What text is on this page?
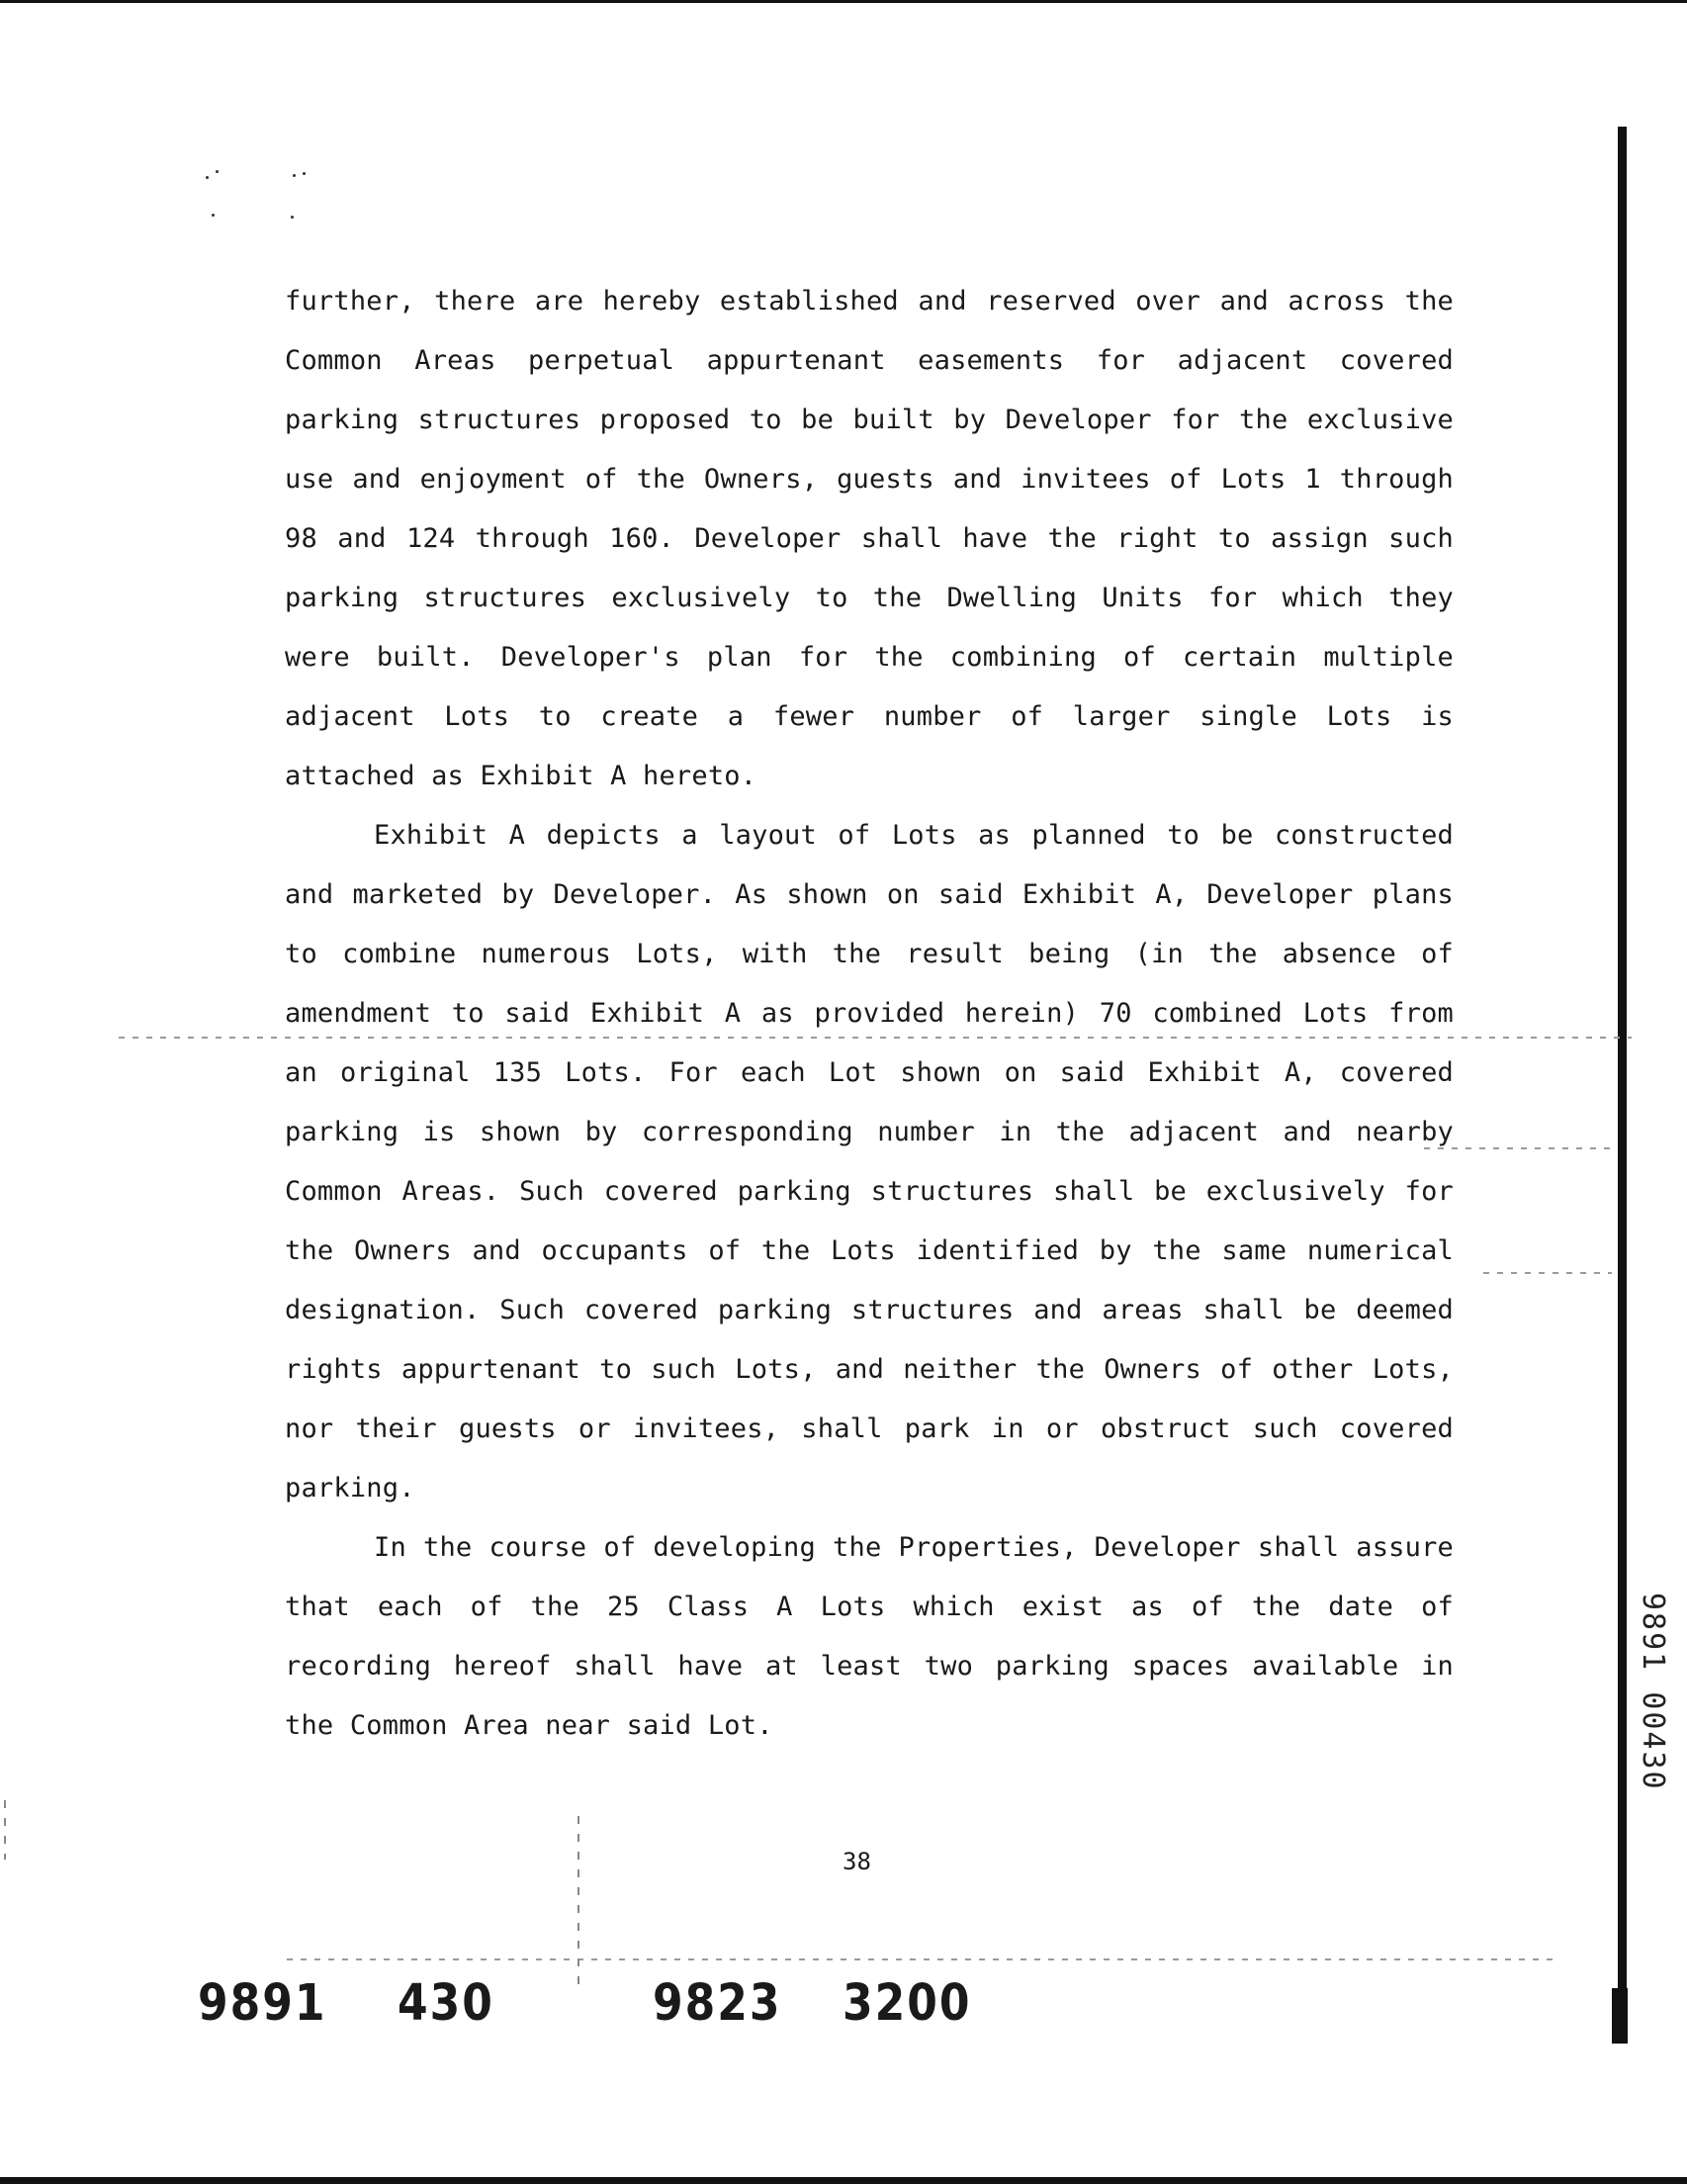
further, there are hereby established and reserved over and across the Common Areas perpetual appurtenant easements for adjacent covered parking structures proposed to be built by Developer for the exclusive use and enjoyment of the Owners, guests and invitees of Lots 1 through 98 and 124 through 160. Developer shall have the right to assign such parking structures exclusively to the Dwelling Units for which they were built. Developer's plan for the combining of certain multiple adjacent Lots to create a fewer number of larger single Lots is attached as Exhibit A hereto.

Exhibit A depicts a layout of Lots as planned to be constructed and marketed by Developer. As shown on said Exhibit A, Developer plans to combine numerous Lots, with the result being (in the absence of amendment to said Exhibit A as provided herein) 70 combined Lots from an original 135 Lots. For each Lot shown on said Exhibit A, covered parking is shown by corresponding number in the adjacent and nearby Common Areas. Such covered parking structures shall be exclusively for the Owners and occupants of the Lots identified by the same numerical designation. Such covered parking structures and areas shall be deemed rights appurtenant to such Lots, and neither the Owners of other Lots, nor their guests or invitees, shall park in or obstruct such covered parking.

In the course of developing the Properties, Developer shall assure that each of the 25 Class A Lots which exist as of the date of recording hereof shall have at least two parking spaces available in the Common Area near said Lot.

38
9891 430	9823 3200
9891 00430
